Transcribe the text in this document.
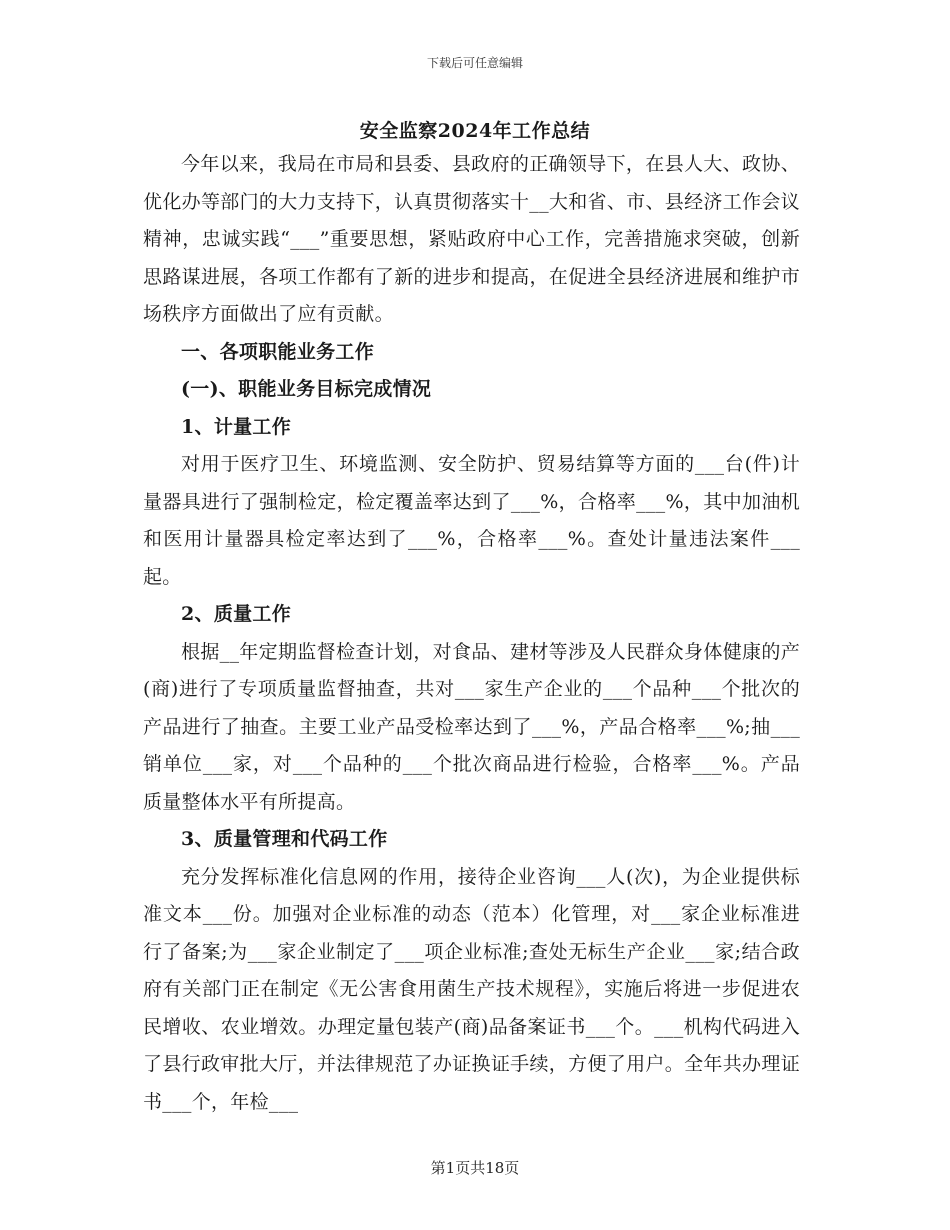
下载后可任意编辑
安全监察2024年工作总结

今年以来，我局在市局和县委、县政府的正确领导下，在县人大、政协、优化办等部门的大力支持下，认真贯彻落实十__大和省、市、县经济工作会议精神，忠诚实践“___”重要思想，紧贴政府中心工作，完善措施求突破，创新思路谋进展，各项工作都有了新的进步和提高，在促进全县经济进展和维护市场秩序方面做出了应有贡献。

一、各项职能业务工作

(一)、职能业务目标完成情况

1、计量工作

对用于医疗卫生、环境监测、安全防护、贸易结算等方面的___台(件)计量器具进行了强制检定，检定覆盖率达到了___%，合格率___%，其中加油机和医用计量器具检定率达到了___%，合格率___%。查处计量违法案件___起。

2、质量工作

根据__年定期监督检查计划，对食品、建材等涉及人民群众身体健康的产(商)进行了专项质量监督抽查，共对___家生产企业的___个品种___个批次的产品进行了抽查。主要工业产品受检率达到了___%，产品合格率___%;抽___销单位___家，对___个品种的___个批次商品进行检验，合格率___%。产品质量整体水平有所提高。

3、质量管理和代码工作

充分发挥标准化信息网的作用，接待企业咨询___人(次)，为企业提供标准文本___份。加强对企业标准的动态（范本）化管理，对___家企业标准进行了备案;为___家企业制定了___项企业标准;查处无标生产企业___家;结合政府有关部门正在制定《无公害食用菌生产技术规程》，实施后将进一步促进农民增收、农业增效。办理定量包装产(商)品备案证书___个。___机构代码进入了县行政审批大厅，并法律规范了办证换证手续，方便了用户。全年共办理证书___个，年检___

第1页共18页
